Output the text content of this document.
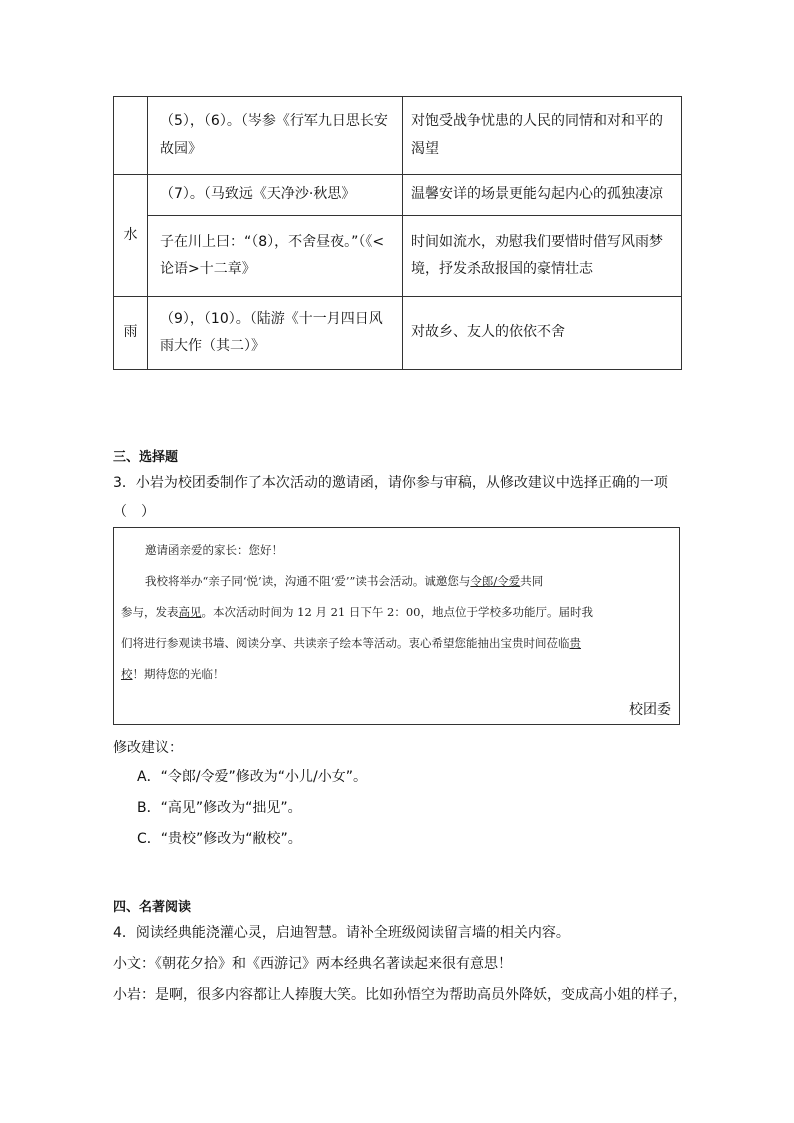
	（5），（6）。（岑参《行军九日思长安故园》	对饱受战争忧患的人民的同情和对和平的渴望
水	（7）。（马致远《天净沙·秋思》	温馨安详的场景更能勾起内心的孤独凄凉
	子在川上曰：“（8），不舍昼夜。”（《<论语>十二章》	时间如流水，劝慰我们要惜时借写风雨梦境，抒发杀敌报国的豪情壮志
雨	（9），（10）。（陆游《十一月四日风雨大作（其二）》	对故乡、友人的依依不舍
三、选择题
3．小岩为校团委制作了本次活动的邀请函，请你参与审稿，从修改建议中选择正确的一项
（　）

邀请函亲爱的家长：您好！

我校将举办“亲子同‘悦’读，沟通不阻‘爱’”读书会活动。诚邀您与令郎/令爱共同

参与，发表高见。本次活动时间为 12 月 21 日下午 2：00，地点位于学校多功能厅。届时我

们将进行参观读书墙、阅读分享、共读亲子绘本等活动。衷心希望您能抽出宝贵时间莅临贵

校！期待您的光临！

校团委
修改建议：
A．“令郎/令爱”修改为“小儿/小女”。
B．“高见”修改为“拙见”。
C．“贵校”修改为“敝校”。
四、名著阅读
4．阅读经典能浇灌心灵，启迪智慧。请补全班级阅读留言墙的相关内容。
小文：《朝花夕拾》和《西游记》两本经典名著读起来很有意思！
小岩：是啊，很多内容都让人捧腹大笑。比如孙悟空为帮助高员外降妖，变成高小姐的样子，
